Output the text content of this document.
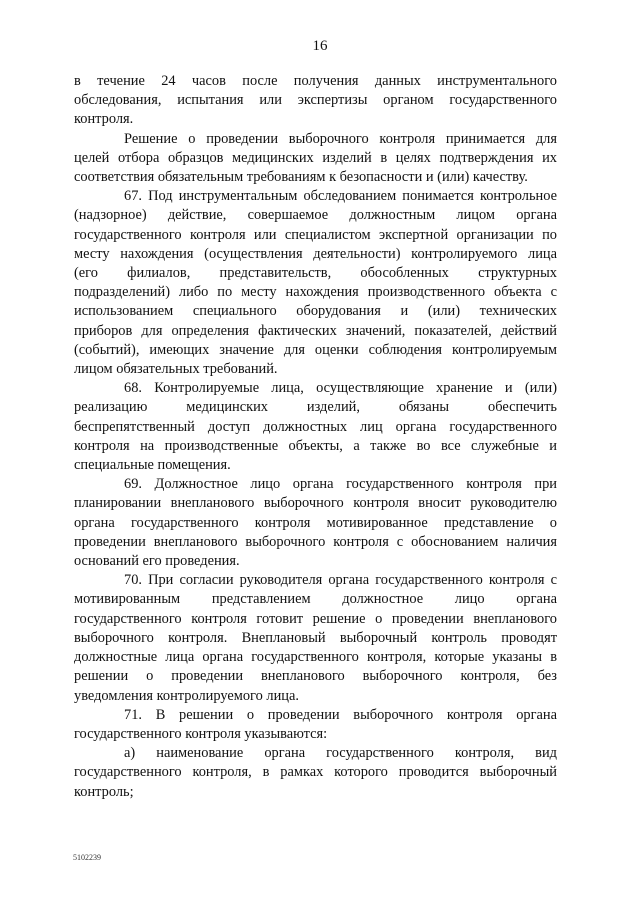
16
в течение 24 часов после получения данных инструментального
обследования, испытания или экспертизы органом государственного
контроля.
Решение о проведении выборочного контроля принимается для
целей отбора образцов медицинских изделий в целях подтверждения их
соответствия обязательным требованиям к безопасности и (или) качеству.
67. Под инструментальным обследованием понимается контрольное
(надзорное) действие, совершаемое должностным лицом органа
государственного контроля или специалистом экспертной организации по
месту нахождения (осуществления деятельности) контролируемого лица
(его филиалов, представительств, обособленных структурных
подразделений) либо по месту нахождения производственного объекта с
использованием специального оборудования и (или) технических
приборов для определения фактических значений, показателей, действий
(событий), имеющих значение для оценки соблюдения контролируемым
лицом обязательных требований.
68. Контролируемые лица, осуществляющие хранение и (или)
реализацию медицинских изделий, обязаны обеспечить
беспрепятственный доступ должностных лиц органа государственного
контроля на производственные объекты, а также во все служебные и
специальные помещения.
69. Должностное лицо органа государственного контроля при
планировании внепланового выборочного контроля вносит руководителю
органа государственного контроля мотивированное представление о
проведении внепланового выборочного контроля с обоснованием наличия
оснований его проведения.
70. При согласии руководителя органа государственного контроля с
мотивированным представлением должностное лицо органа
государственного контроля готовит решение о проведении внепланового
выборочного контроля. Внеплановый выборочный контроль проводят
должностные лица органа государственного контроля, которые указаны в
решении о проведении внепланового выборочного контроля, без
уведомления контролируемого лица.
71. В решении о проведении выборочного контроля органа
государственного контроля указываются:
а) наименование органа государственного контроля, вид
государственного контроля, в рамках которого проводится выборочный
контроль;
5102239
